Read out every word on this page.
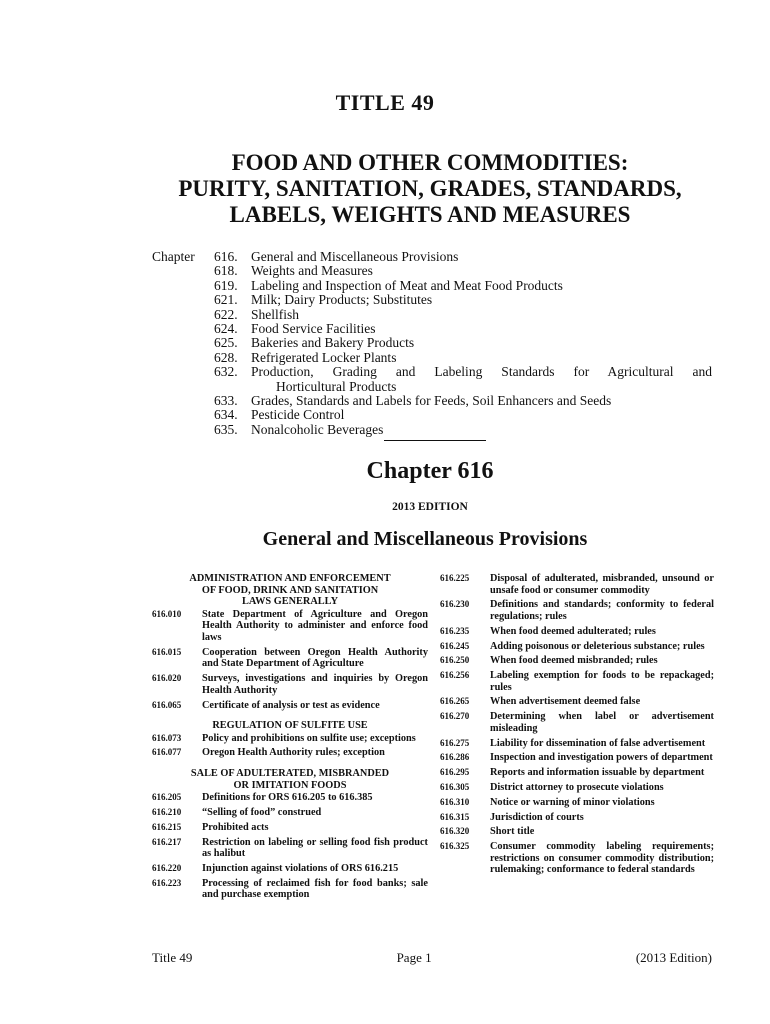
TITLE 49
FOOD AND OTHER COMMODITIES:
PURITY, SANITATION, GRADES, STANDARDS,
LABELS, WEIGHTS AND MEASURES
Chapter	616. General and Miscellaneous Provisions
618. Weights and Measures
619. Labeling and Inspection of Meat and Meat Food Products
621. Milk; Dairy Products; Substitutes
622. Shellfish
624. Food Service Facilities
625. Bakeries and Bakery Products
628. Refrigerated Locker Plants
632. Production, Grading and Labeling Standards for Agricultural and
Horticultural Products
633. Grades, Standards and Labels for Feeds, Soil Enhancers and Seeds
634. Pesticide Control
635. Nonalcoholic Beverages
Chapter 616
2013 EDITION
General and Miscellaneous Provisions
ADMINISTRATION AND ENFORCEMENT
OF FOOD, DRINK AND SANITATION
LAWS GENERALLY
616.010	State Department of Agriculture and Oregon Health Authority to administer and enforce food laws
616.015	Cooperation between Oregon Health Authority and State Department of Agriculture
616.020	Surveys, investigations and inquiries by Oregon Health Authority
616.065	Certificate of analysis or test as evidence
REGULATION OF SULFITE USE
616.073	Policy and prohibitions on sulfite use; exceptions
616.077	Oregon Health Authority rules; exception
SALE OF ADULTERATED, MISBRANDED
OR IMITATION FOODS
616.205	Definitions for ORS 616.205 to 616.385
616.210	“Selling of food” construed
616.215	Prohibited acts
616.217	Restriction on labeling or selling food fish product as halibut
616.220	Injunction against violations of ORS 616.215
616.223	Processing of reclaimed fish for food banks; sale and purchase exemption
616.225	Disposal of adulterated, misbranded, unsound or unsafe food or consumer commodity
616.230	Definitions and standards; conformity to federal regulations; rules
616.235	When food deemed adulterated; rules
616.245	Adding poisonous or deleterious substance; rules
616.250	When food deemed misbranded; rules
616.256	Labeling exemption for foods to be repackaged; rules
616.265	When advertisement deemed false
616.270	Determining when label or advertisement misleading
616.275	Liability for dissemination of false advertisement
616.286	Inspection and investigation powers of department
616.295	Reports and information issuable by department
616.305	District attorney to prosecute violations
616.310	Notice or warning of minor violations
616.315	Jurisdiction of courts
616.320	Short title
616.325	Consumer commodity labeling requirements; restrictions on consumer commodity distribution; rulemaking; conformance to federal standards
Title 49	Page 1	(2013 Edition)
